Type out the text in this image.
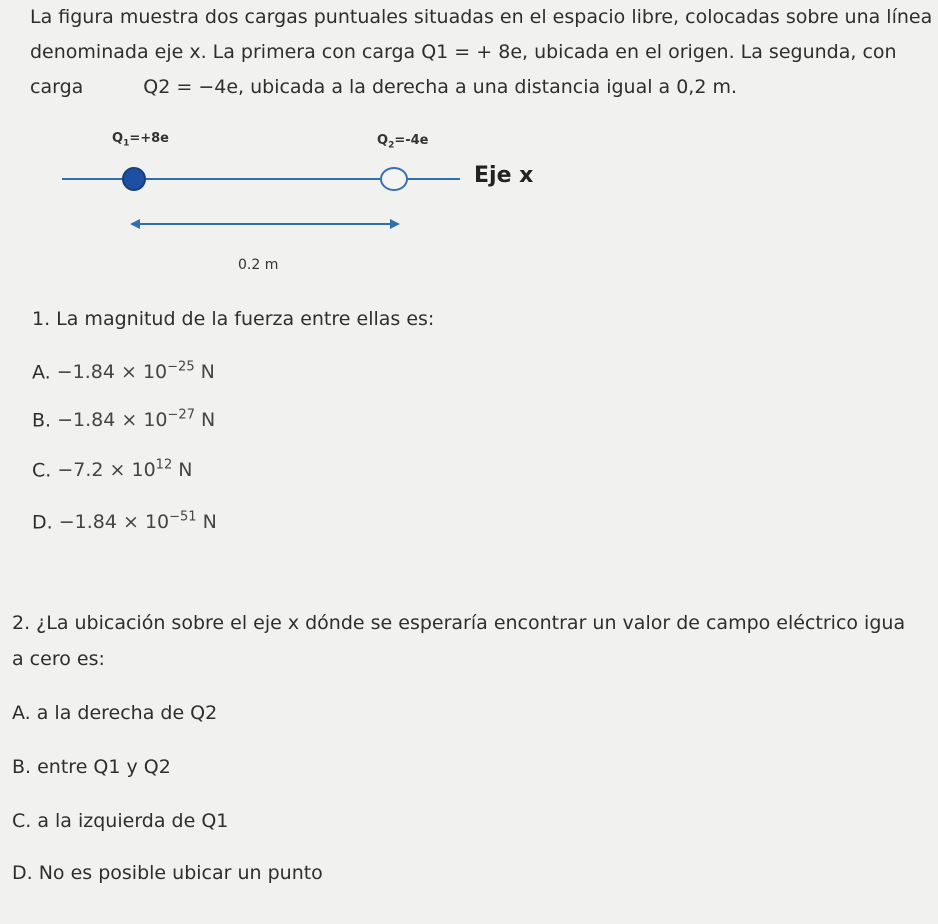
La figura muestra dos cargas puntuales situadas en el espacio libre, colocadas sobre una línea
denominada eje x. La primera con carga Q1 = + 8e, ubicada en el origen. La segunda, con
carga	Q2 = −4e, ubicada a la derecha a una distancia igual a 0,2 m.
$Q_1=+8e$	$Q_2=-4e$
Eje x
0.2 m
1. La magnitud de la fuerza entre ellas es:
A. $-1.84 \times 10^{-25}$ N
B. $-1.84 \times 10^{-27}$ N
C. $-7.2 \times 10^{12}$ N
D. $-1.84 \times 10^{-51}$ N
2. ¿La ubicación sobre el eje x dónde se esperaría encontrar un valor de campo eléctrico igua
a cero es:
A. a la derecha de Q2
B. entre Q1 y Q2
C. a la izquierda de Q1
D. No es posible ubicar un punto
